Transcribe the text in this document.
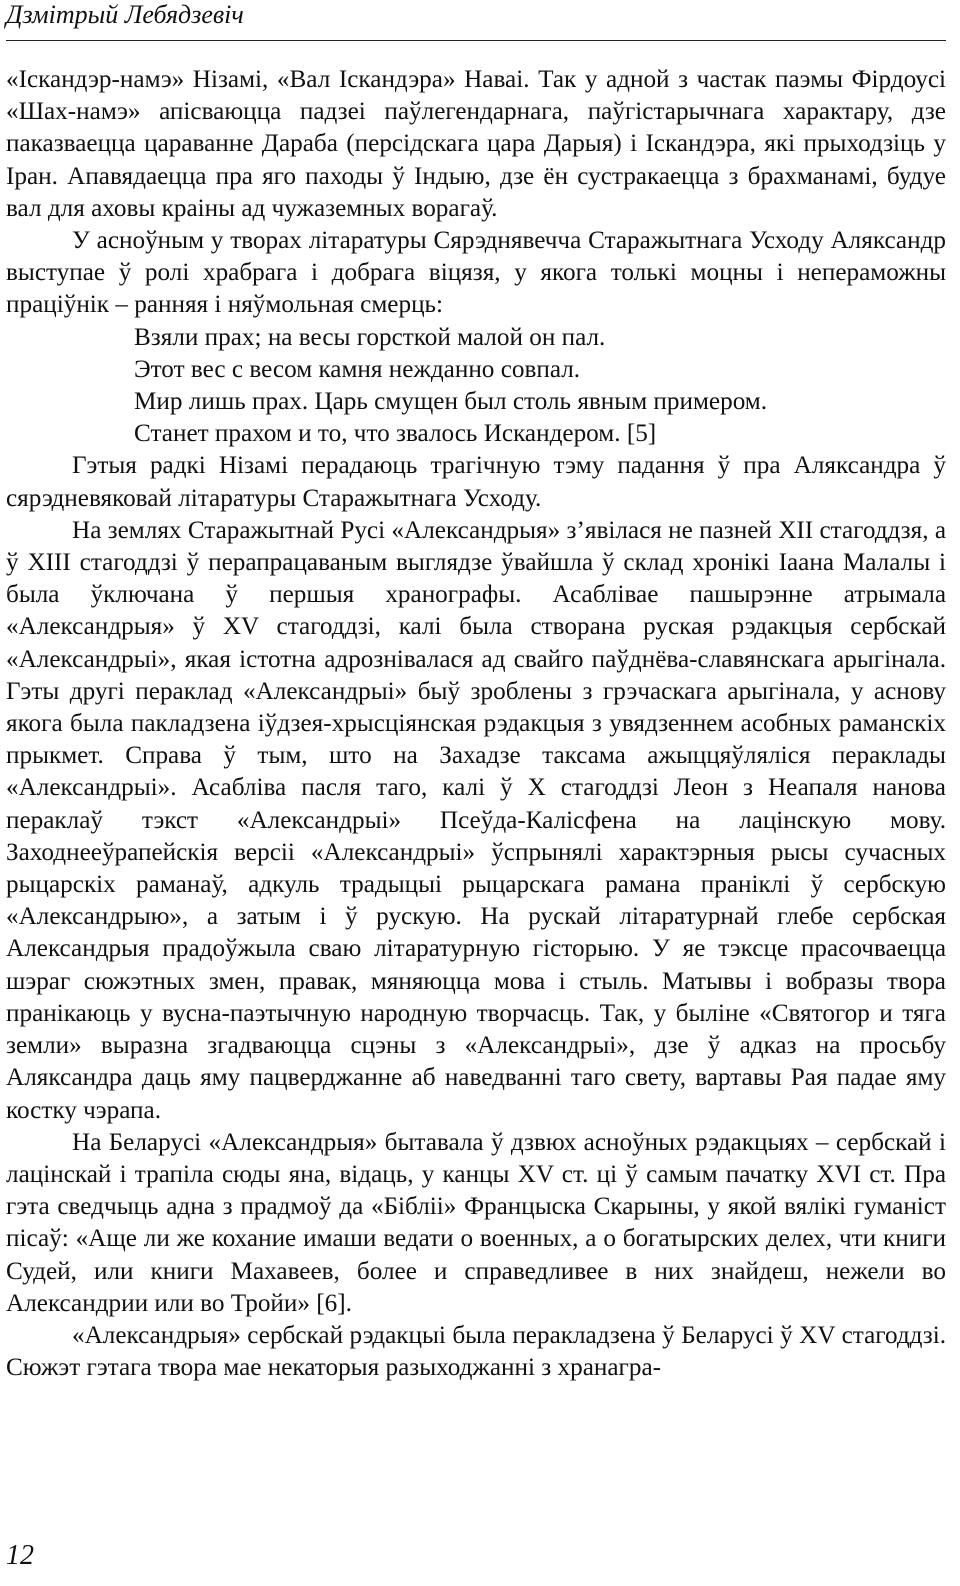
Дзмітрый Лебядзевіч

«Іскандэр-намэ» Нізамі, «Вал Іскандэра» Наваі. Так у адной з частак паэмы Фірдоусі «Шах-намэ» апісваюцца падзеі паўлегендарнага, паўгістарычнага характару, дзе паказваецца цараванне Дараба (персідскага цара Дарыя) і Іскандэра, які прыходзіць у Іран. Апавядаецца пра яго паходы ў Індыю, дзе ён сустракаецца з брахманамі, будуе вал для аховы краіны ад чужаземных ворагаў.

У асноўным у творах літаратуры Сярэднявечча Старажытнага Усходу Аляксандр выступае ў ролі храбрага і добрага віцязя, у якога толькі моцны і непераможны працiўнік – ранняя і няўмольная смерць:

Взяли прах; на весы горсткой малой он пал.
Этот вес с весом камня нежданно совпал.
Мир лишь прах. Царь смущен был столь явным примером.
Станет прахом и то, что звалось Искандером. [5]

Гэтыя радкі Нізамі перадаюць трагічную тэму падання ў пра Аляксандра ў сярэдневяковай літаратуры Старажытнага Усходу.

На землях Старажытнай Русі «Александрыя» з’явілася не пазней XII стагоддзя, а ў XIII стагоддзі ў перапрацаваным выглядзе ўвайшла ў склад хронікі Іаана Малалы і была ўключана ў першыя хранографы. Асаблівае пашырэнне атрымала «Александрыя» ў XV стагоддзі, калі была створана руская рэдакцыя сербскай «Александрыі», якая істотна адрознівалася ад свайго паўднёва-славянскага арыгінала. Гэты другі пераклад «Александрыі» быў зроблены з грэчаскага арыгінала, у аснову якога была пакладзена іўдзея-хрысціянская рэдакцыя з увядзеннем асобных раманскіх прыкмет. Справа ў тым, што на Захадзе таксама ажыццяўляліся пераклады «Александрыі». Асабліва пасля таго, калі ў X стагоддзі Леон з Неапаля нанова пераклаў тэкст «Александрыі» Псеўда-Калісфена на лацінскую мову. Заходнееўрапейскія версіі «Александрыі» ўспрынялі характэрныя рысы сучасных рыцарскіх раманаў, адкуль традыцыі рыцарскага рамана пранiклі ў сербскую «Александрыю», а затым і ў рускую. На рускай літаратурнай глебе сербская Александрыя прадоўжыла сваю літаратурную гісторыю. У яе тэксце прасочваецца шэраг сюжэтных змен, правак, мяняюцца мова і стыль. Матывы і вобразы твора пранікаюць у вусна-паэтычную народную творчасць. Так, у быліне «Святогор и тяга земли» выразна згадваюцца сцэны з «Александрыі», дзе ў адказ на просьбу Аляксандра даць яму пацверджанне аб наведванні таго свету, вартавы Рая падае яму костку чэрапа.

На Беларусі «Александрыя» бытавала ў дзвюх асноўных рэдакцыях – сербскай і лацінскай і трапіла сюды яна, відаць, у канцы XV ст. ці ў самым пачатку XVI ст. Пра гэта сведчыць адна з прадмоў да «Бібліі» Францыска Скарыны, у якой вялікі гуманіст пісаў: «Аще ли же кохание имаши ведати о военных, а о богатырских делех, чти книги Судей, или книги Махавеев, более и справедливее в них знайдеш, нежели во Александрии или во Тройи» [6].

«Александрыя» сербскай рэдакцыі была перакладзена ў Беларусі ў XV стагоддзі. Сюжэт гэтага твора мае некаторыя разыходжанні з хранагра-

12
